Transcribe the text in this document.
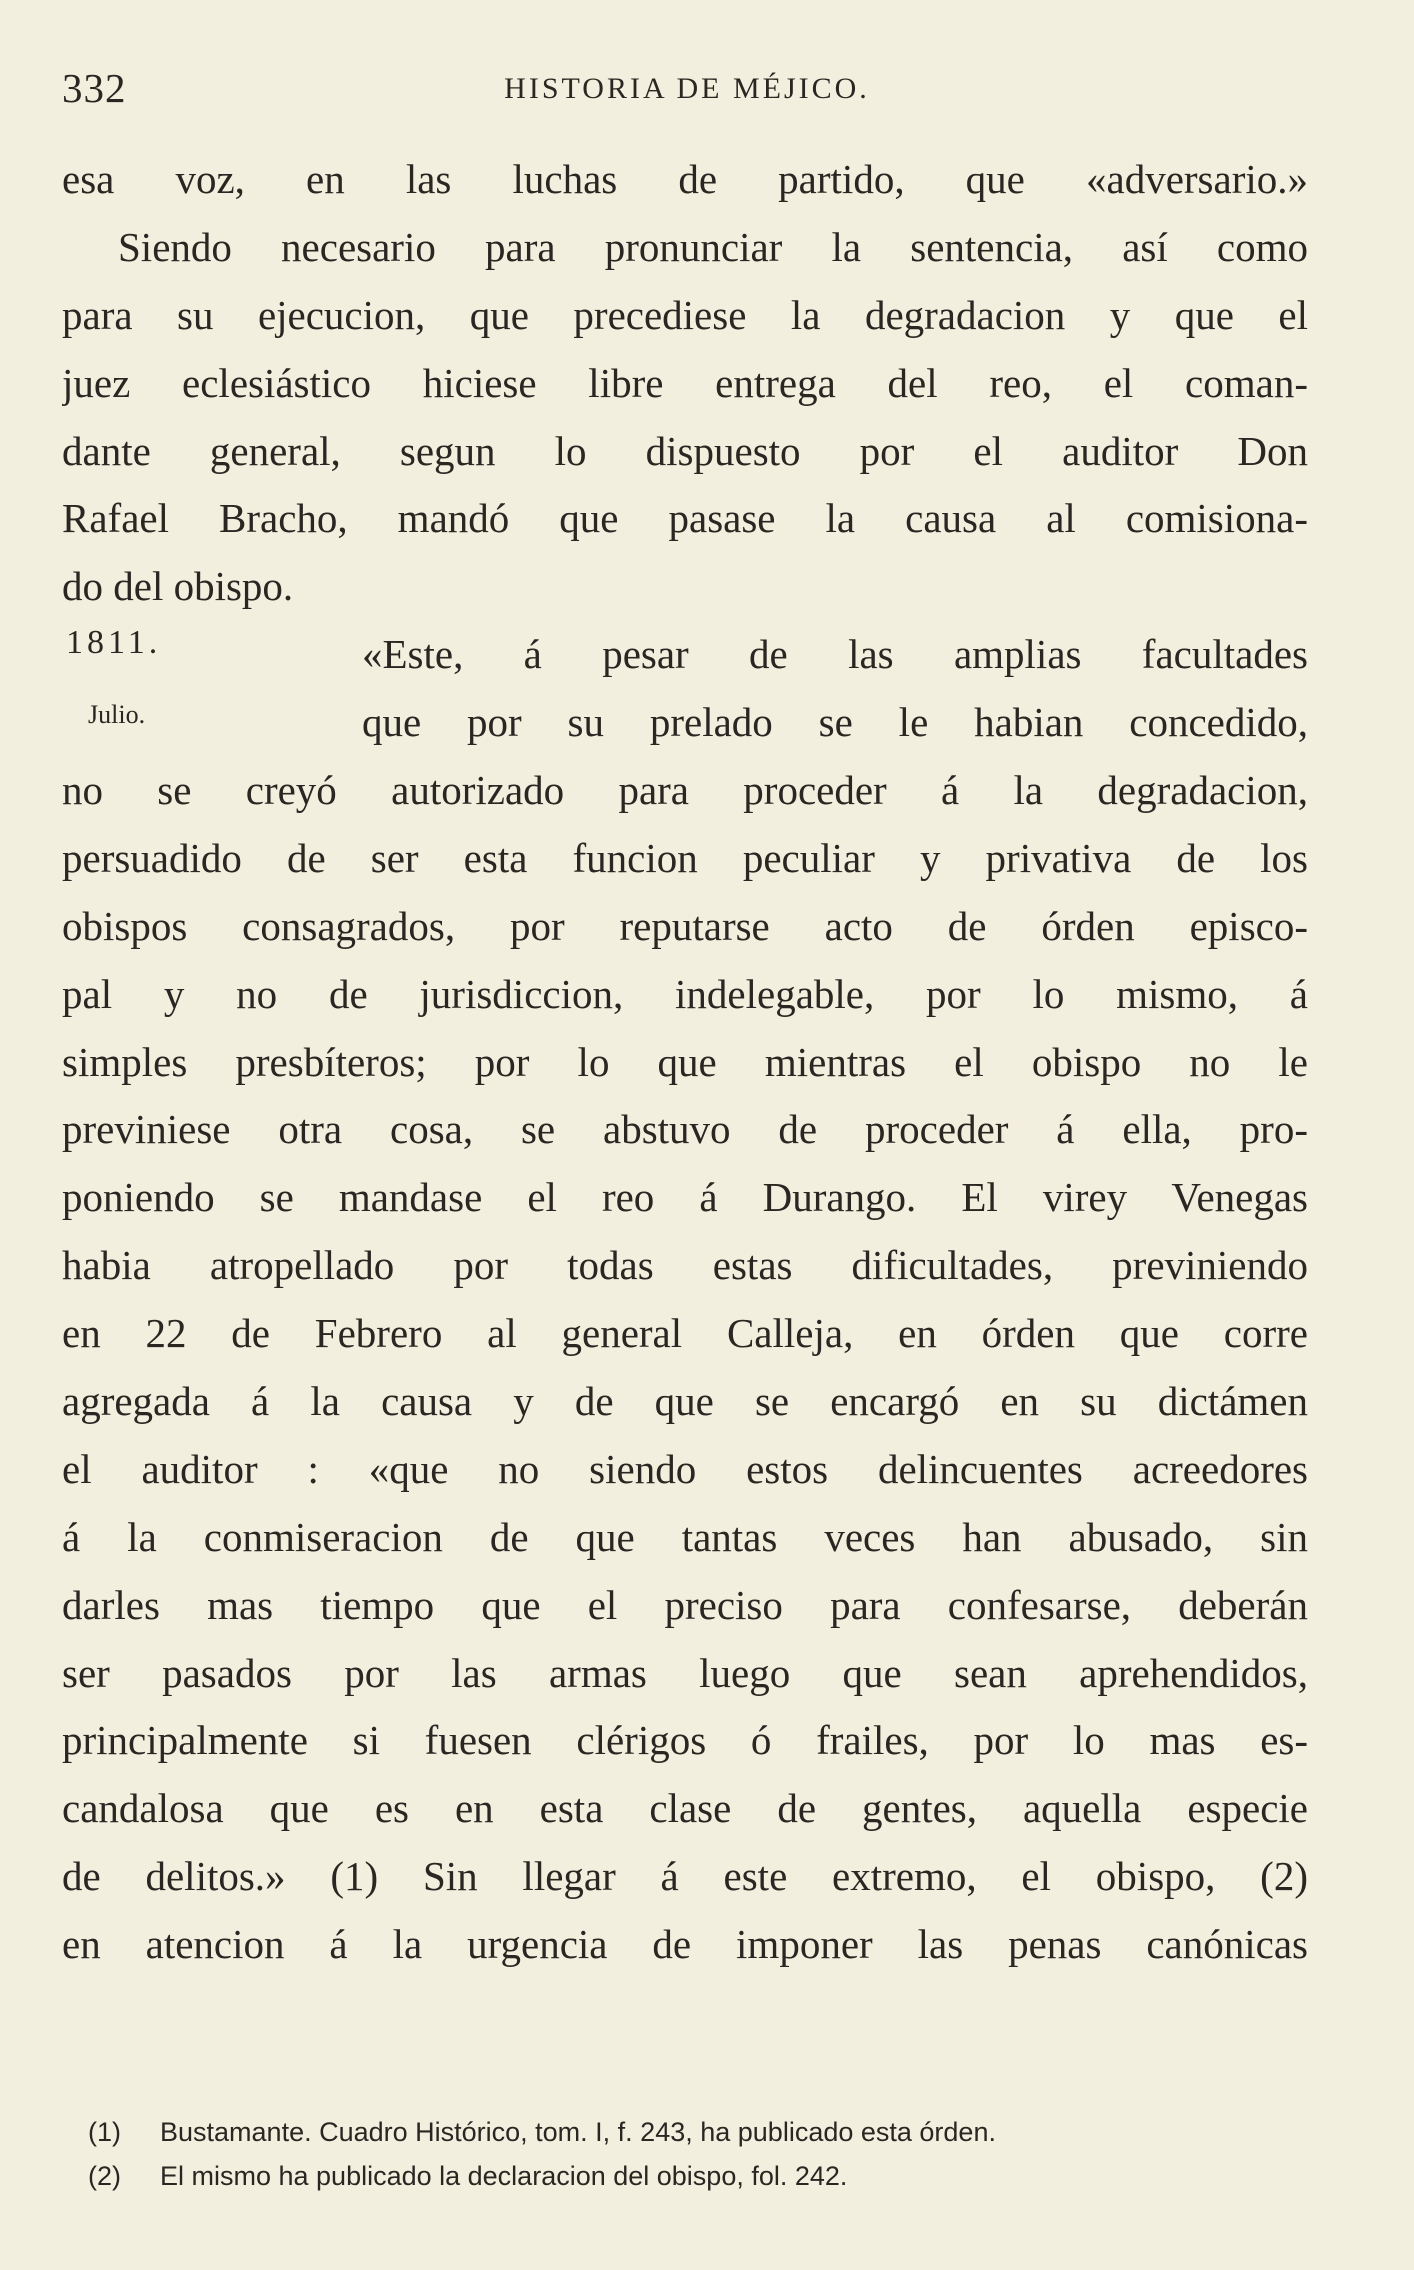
332	HISTORIA DE MÉJICO.
1811.
Julio.
esa voz, en las luchas de partido, que «adversario.»
Siendo necesario para pronunciar la sentencia, así como
para su ejecucion, que precediese la degradacion y que el
juez eclesiástico hiciese libre entrega del reo, el coman-
dante general, segun lo dispuesto por el auditor Don
Rafael Bracho, mandó que pasase la causa al comisiona-
do del obispo.
«Este, á pesar de las amplias facultades
que por su prelado se le habian concedido,
no se creyó autorizado para proceder á la degradacion,
persuadido de ser esta funcion peculiar y privativa de los
obispos consagrados, por reputarse acto de órden episco-
pal y no de jurisdiccion, indelegable, por lo mismo, á
simples presbíteros; por lo que mientras el obispo no le
previniese otra cosa, se abstuvo de proceder á ella, pro-
poniendo se mandase el reo á Durango. El virey Venegas
habia atropellado por todas estas dificultades, previniendo
en 22 de Febrero al general Calleja, en órden que corre
agregada á la causa y de que se encargó en su dictámen
el auditor : «que no siendo estos delincuentes acreedores
á la conmiseracion de que tantas veces han abusado, sin
darles mas tiempo que el preciso para confesarse, deberán
ser pasados por las armas luego que sean aprehendidos,
principalmente si fuesen clérigos ó frailes, por lo mas es-
candalosa que es en esta clase de gentes, aquella especie
de delitos.» (1) Sin llegar á este extremo, el obispo, (2)
en atencion á la urgencia de imponer las penas canónicas
(1) Bustamante. Cuadro Histórico, tom. I, f. 243, ha publicado esta órden.
(2) El mismo ha publicado la declaracion del obispo, fol. 242.
